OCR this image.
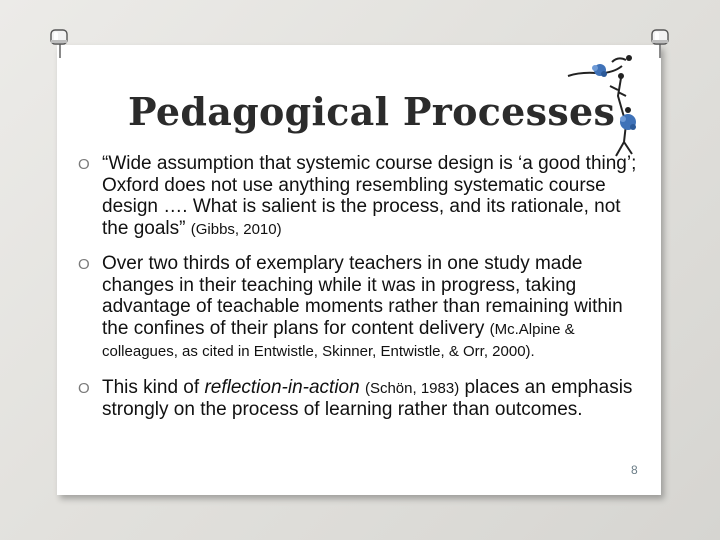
Pedagogical Processes
O “Wide assumption that systemic course design is ‘a good thing’; Oxford does not use anything resembling systematic course design …. What is salient is the process, and its rationale, not the goals” (Gibbs, 2010)
O Over two thirds of exemplary teachers in one study made changes in their teaching while it was in progress, taking advantage of teachable moments rather than remaining within the confines of their plans for content delivery (Mc.Alpine & colleagues, as cited in Entwistle, Skinner, Entwistle, & Orr, 2000).
O This kind of reflection-in-action (Schön, 1983) places an emphasis strongly on the process of learning rather than outcomes.
8
